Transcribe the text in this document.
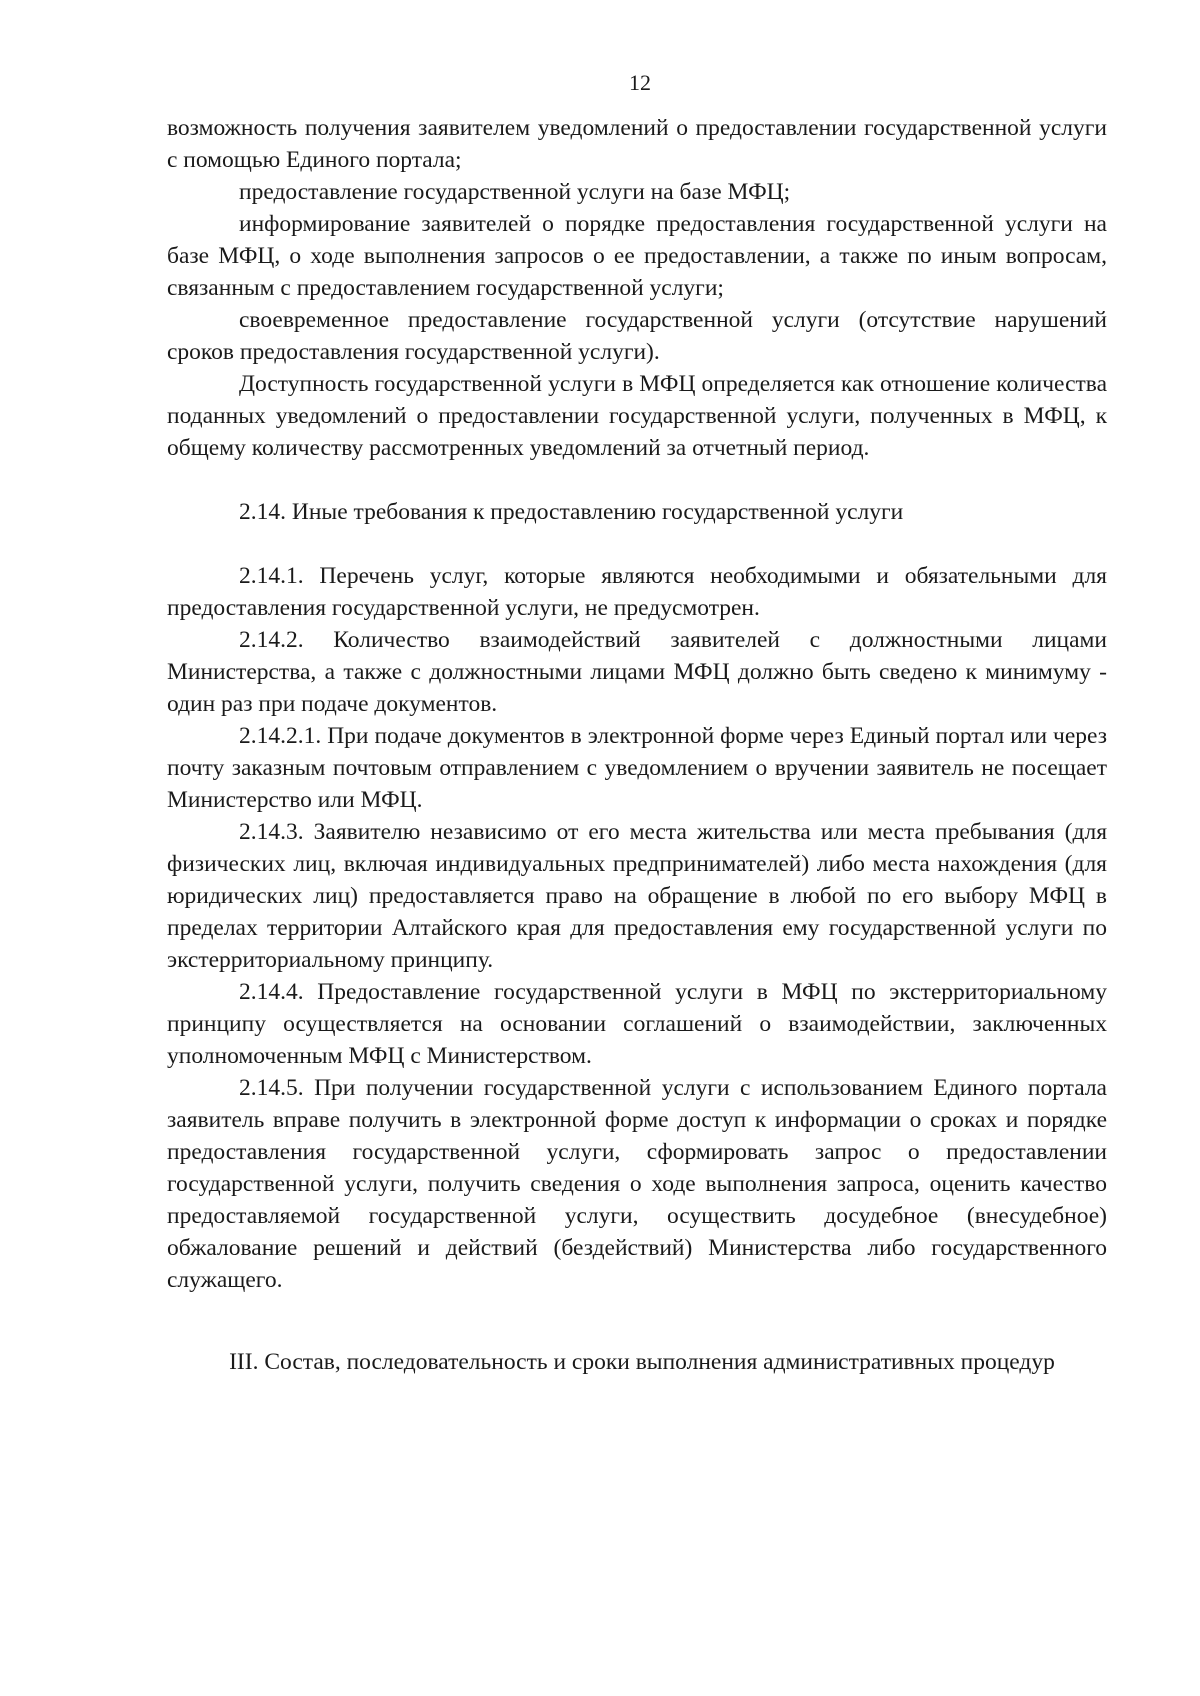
12

возможность получения заявителем уведомлений о предоставлении государственной услуги с помощью Единого портала;

предоставление государственной услуги на базе МФЦ;

информирование заявителей о порядке предоставления государственной услуги на базе МФЦ, о ходе выполнения запросов о ее предоставлении, а также по иным вопросам, связанным с предоставлением государственной услуги;

своевременное предоставление государственной услуги (отсутствие нарушений сроков предоставления государственной услуги).

Доступность государственной услуги в МФЦ определяется как отношение количества поданных уведомлений о предоставлении государственной услуги, полученных в МФЦ, к общему количеству рассмотренных уведомлений за отчетный период.

2.14. Иные требования к предоставлению государственной услуги

2.14.1. Перечень услуг, которые являются необходимыми и обязательными для предоставления государственной услуги, не предусмотрен.

2.14.2. Количество взаимодействий заявителей с должностными лицами Министерства, а также с должностными лицами МФЦ должно быть сведено к минимуму - один раз при подаче документов.

2.14.2.1. При подаче документов в электронной форме через Единый портал или через почту заказным почтовым отправлением с уведомлением о вручении заявитель не посещает Министерство или МФЦ.

2.14.3. Заявителю независимо от его места жительства или места пребывания (для физических лиц, включая индивидуальных предпринимателей) либо места нахождения (для юридических лиц) предоставляется право на обращение в любой по его выбору МФЦ в пределах территории Алтайского края для предоставления ему государственной услуги по экстерриториальному принципу.

2.14.4. Предоставление государственной услуги в МФЦ по экстерриториальному принципу осуществляется на основании соглашений о взаимодействии, заключенных уполномоченным МФЦ с Министерством.

2.14.5. При получении государственной услуги с использованием Единого портала заявитель вправе получить в электронной форме доступ к информации о сроках и порядке предоставления государственной услуги, сформировать запрос о предоставлении государственной услуги, получить сведения о ходе выполнения запроса, оценить качество предоставляемой государственной услуги, осуществить досудебное (внесудебное) обжалование решений и действий (бездействий) Министерства либо государственного служащего.

III. Состав, последовательность и сроки выполнения административных процедур
